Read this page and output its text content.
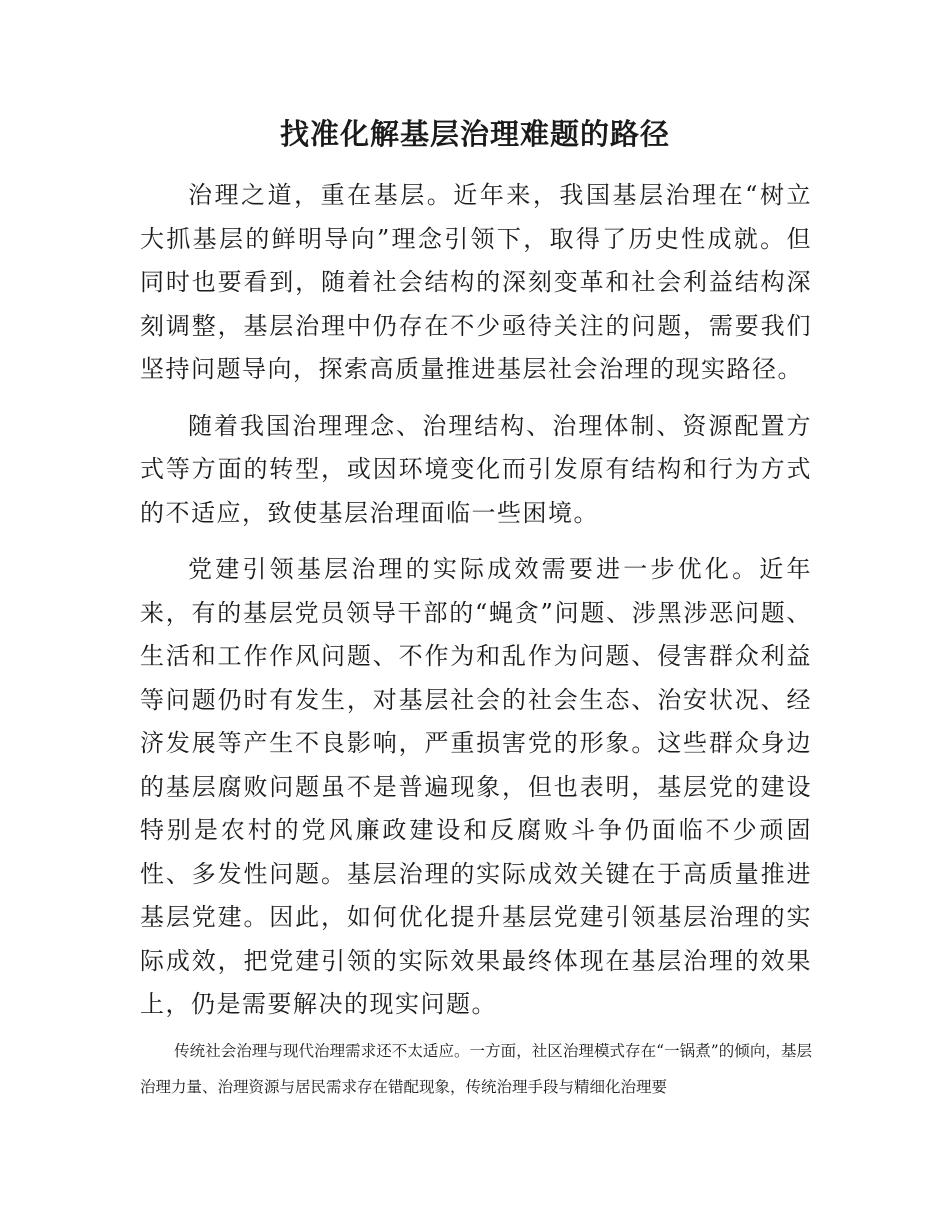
找准化解基层治理难题的路径

治理之道，重在基层。近年来，我国基层治理在“树立大抓基层的鲜明导向”理念引领下，取得了历史性成就。但同时也要看到，随着社会结构的深刻变革和社会利益结构深刻调整，基层治理中仍存在不少亟待关注的问题，需要我们坚持问题导向，探索高质量推进基层社会治理的现实路径。

随着我国治理理念、治理结构、治理体制、资源配置方式等方面的转型，或因环境变化而引发原有结构和行为方式的不适应，致使基层治理面临一些困境。

党建引领基层治理的实际成效需要进一步优化。近年来，有的基层党员领导干部的“蝇贪”问题、涉黑涉恶问题、生活和工作作风问题、不作为和乱作为问题、侵害群众利益等问题仍时有发生，对基层社会的社会生态、治安状况、经济发展等产生不良影响，严重损害党的形象。这些群众身边的基层腐败问题虽不是普遍现象，但也表明，基层党的建设特别是农村的党风廉政建设和反腐败斗争仍面临不少顽固性、多发性问题。基层治理的实际成效关键在于高质量推进基层党建。因此，如何优化提升基层党建引领基层治理的实际成效，把党建引领的实际效果最终体现在基层治理的效果上，仍是需要解决的现实问题。

传统社会治理与现代治理需求还不太适应。一方面，社区治理模式存在“一锅煮”的倾向，基层治理力量、治理资源与居民需求存在错配现象，传统治理手段与精细化治理要
